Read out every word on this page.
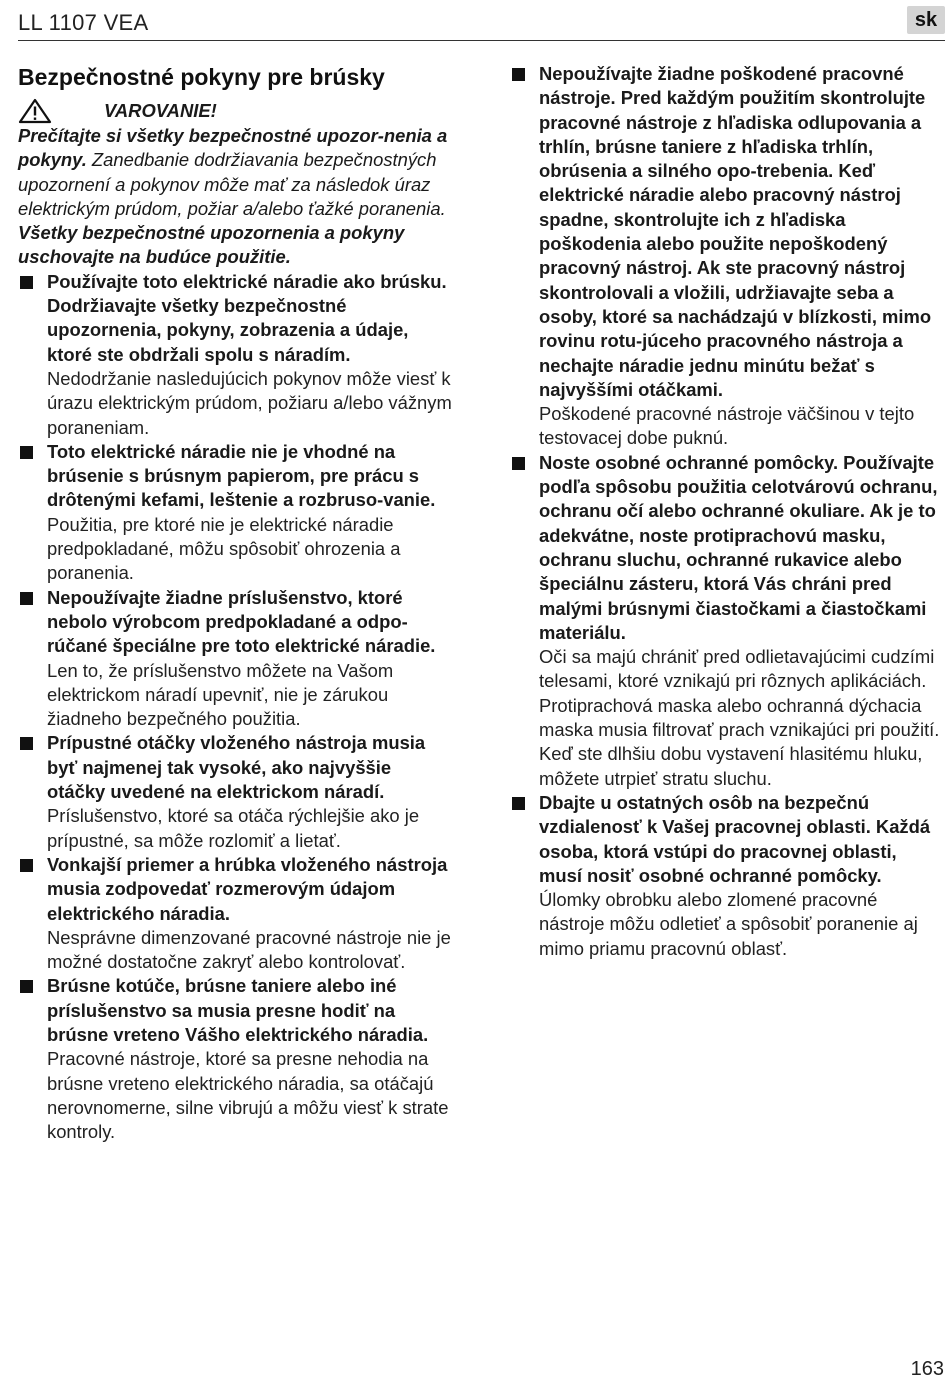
LL 1107 VEA	sk
Bezpečnostné pokyny pre brúsky
VAROVANIE!
Prečítajte si všetky bezpečnostné upozor-nenia a pokyny. Zanedbanie dodržiavania bezpečnostných upozornení a pokynov môže mať za následok úraz elektrickým prúdom, požiar a/alebo ťažké poranenia.
Všetky bezpečnostné upozornenia a pokyny uschovajte na budúce použitie.
Používajte toto elektrické náradie ako brúsku. Dodržiavajte všetky bezpečnostné upozornenia, pokyny, zobrazenia a údaje, ktoré ste obdržali spolu s náradím.
Nedodržanie nasledujúcich pokynov môže viesť k úrazu elektrickým prúdom, požiaru a/lebo vážnym poraneniam.
Toto elektrické náradie nie je vhodné na brúsenie s brúsnym papierom, pre prácu s drôtenými kefami, leštenie a rozbruso-vanie.
Použitia, pre ktoré nie je elektrické náradie predpokladané, môžu spôsobiť ohrozenia a poranenia.
Nepoužívajte žiadne príslušenstvo, ktoré nebolo výrobcom predpokladané a odpo-rúčané špeciálne pre toto elektrické náradie.
Len to, že príslušenstvo môžete na Vašom elektrickom náradí upevniť, nie je zárukou žiadneho bezpečného použitia.
Prípustné otáčky vloženého nástroja musia byť najmenej tak vysoké, ako najvyššie otáčky uvedené na elektrickom náradí.
Príslušenstvo, ktoré sa otáča rýchlejšie ako je prípustné, sa môže rozlomiť a lietať.
Vonkajší priemer a hrúbka vloženého nástroja musia zodpovedať rozmerovým údajom elektrického náradia.
Nesprávne dimenzované pracovné nástroje nie je možné dostatočne zakryť alebo kontrolovať.
Brúsne kotúče, brúsne taniere alebo iné príslušenstvo sa musia presne hodiť na brúsne vreteno Vášho elektrického náradia.
Pracovné nástroje, ktoré sa presne nehodia na brúsne vreteno elektrického náradia, sa otáčajú nerovnomerne, silne vibrujú a môžu viesť k strate kontroly.
Nepoužívajte žiadne poškodené pracovné nástroje. Pred každým použitím skontrolujte pracovné nástroje z hľadiska odlupovania a trhlín, brúsne taniere z hľadiska trhlín, obrúsenia a silného opo-trebenia. Keď elektrické náradie alebo pracovný nástroj spadne, skontrolujte ich z hľadiska poškodenia alebo použite nepoškodený pracovný nástroj. Ak ste pracovný nástroj skontrolovali a vložili, udržiavajte seba a osoby, ktoré sa nachádzajú v blízkosti, mimo rovinu rotu-júceho pracovného nástroja a nechajte náradie jednu minútu bežať s najvyššími otáčkami.
Poškodené pracovné nástroje väčšinou v tejto testovacej dobe puknú.
Noste osobné ochranné pomôcky. Používajte podľa spôsobu použitia celotvárovú ochranu, ochranu očí alebo ochranné okuliare. Ak je to adekvátne, noste protiprachovú masku, ochranu sluchu, ochranné rukavice alebo špeciálnu zásteru, ktorá Vás chráni pred malými brúsnymi čiastočkami a čiastočkami materiálu.
Oči sa majú chrániť pred odlietavajúcimi cudzími telesami, ktoré vznikajú pri rôznych aplikáciách. Protiprachová maska alebo ochranná dýchacia maska musia filtrovať prach vznikajúci pri použití. Keď ste dlhšiu dobu vystavení hlasitému hluku, môžete utrpieť stratu sluchu.
Dbajte u ostatných osôb na bezpečnú vzdialenosť k Vašej pracovnej oblasti. Každá osoba, ktorá vstúpi do pracovnej oblasti, musí nosiť osobné ochranné pomôcky.
Úlomky obrobku alebo zlomené pracovné nástroje môžu odletieť a spôsobiť poranenie aj mimo priamu pracovnú oblasť.
163
